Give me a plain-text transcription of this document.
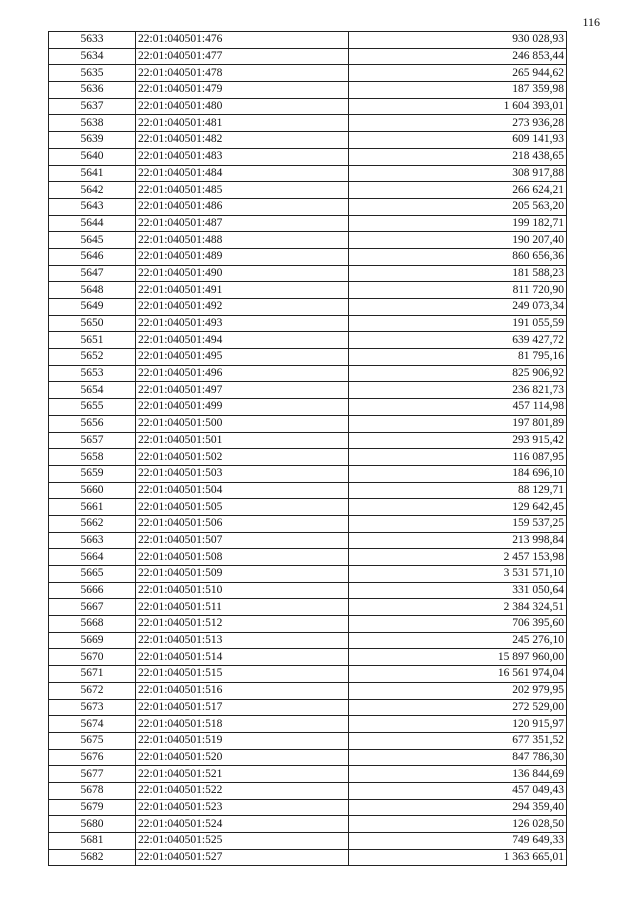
116
5633	22:01:040501:476	930 028,93
5634	22:01:040501:477	246 853,44
5635	22:01:040501:478	265 944,62
5636	22:01:040501:479	187 359,98
5637	22:01:040501:480	1 604 393,01
5638	22:01:040501:481	273 936,28
5639	22:01:040501:482	609 141,93
5640	22:01:040501:483	218 438,65
5641	22:01:040501:484	308 917,88
5642	22:01:040501:485	266 624,21
5643	22:01:040501:486	205 563,20
5644	22:01:040501:487	199 182,71
5645	22:01:040501:488	190 207,40
5646	22:01:040501:489	860 656,36
5647	22:01:040501:490	181 588,23
5648	22:01:040501:491	811 720,90
5649	22:01:040501:492	249 073,34
5650	22:01:040501:493	191 055,59
5651	22:01:040501:494	639 427,72
5652	22:01:040501:495	81 795,16
5653	22:01:040501:496	825 906,92
5654	22:01:040501:497	236 821,73
5655	22:01:040501:499	457 114,98
5656	22:01:040501:500	197 801,89
5657	22:01:040501:501	293 915,42
5658	22:01:040501:502	116 087,95
5659	22:01:040501:503	184 696,10
5660	22:01:040501:504	88 129,71
5661	22:01:040501:505	129 642,45
5662	22:01:040501:506	159 537,25
5663	22:01:040501:507	213 998,84
5664	22:01:040501:508	2 457 153,98
5665	22:01:040501:509	3 531 571,10
5666	22:01:040501:510	331 050,64
5667	22:01:040501:511	2 384 324,51
5668	22:01:040501:512	706 395,60
5669	22:01:040501:513	245 276,10
5670	22:01:040501:514	15 897 960,00
5671	22:01:040501:515	16 561 974,04
5672	22:01:040501:516	202 979,95
5673	22:01:040501:517	272 529,00
5674	22:01:040501:518	120 915,97
5675	22:01:040501:519	677 351,52
5676	22:01:040501:520	847 786,30
5677	22:01:040501:521	136 844,69
5678	22:01:040501:522	457 049,43
5679	22:01:040501:523	294 359,40
5680	22:01:040501:524	126 028,50
5681	22:01:040501:525	749 649,33
5682	22:01:040501:527	1 363 665,01
